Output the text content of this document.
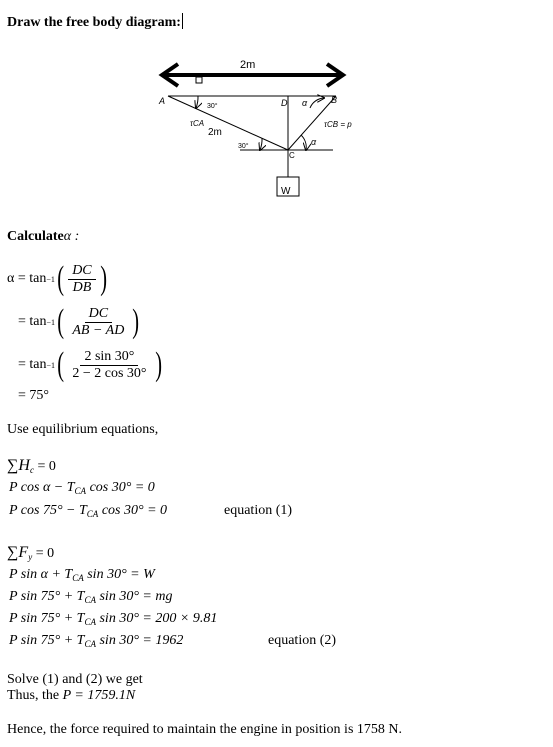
Draw the free body diagram:
2m
W
A	B
C
D
30°
30°
α
α
τCA
2m
τCB = p
Calculateα :
α = tan −1 ( $\frac{DC}{DB}$ )
= tan −1 ( $\frac{DC}{AB - AD}$ )
= tan −1 ( $\frac{2 \sin 30^\circ}{2 - 2 \cos 30^\circ}$ )
= 75°
Use equilibrium equations,
$\sum H_c = 0$
P $\cos \alpha - T_{CA}$ cos 30° = 0
P $\cos 75^\circ - T_{CA}$ cos 30° = 0	equation (1)
$\sum F_y = 0$
P $\sin \alpha + T_{CA}$ sin 30° = W
P $\sin 75^\circ + T_{CA}$ sin 30° = mg
P $\sin 75^\circ + T_{CA}$ sin 30° = 200 × 9.81
P $\sin 75^\circ + T_{CA}$ sin 30° = 1962	equation (2)
Solve (1) and (2) we get
Thus, the P = 1759.1N
Hence, the force required to maintain the engine in position is 1758 N.
